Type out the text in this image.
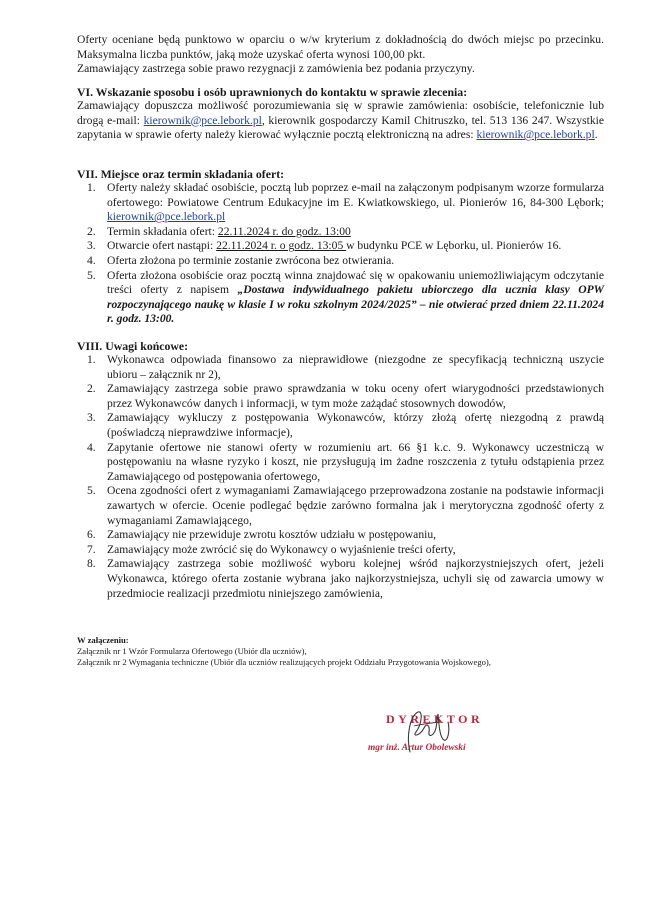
Oferty oceniane będą punktowo w oparciu o w/w kryterium z dokładnością do dwóch miejsc po przecinku. Maksymalna liczba punktów, jaką może uzyskać oferta wynosi 100,00 pkt.
Zamawiający zastrzega sobie prawo rezygnacji z zamówienia bez podania przyczyny.
VI. Wskazanie sposobu i osób uprawnionych do kontaktu w sprawie zlecenia:
Zamawiający dopuszcza możliwość porozumiewania się w sprawie zamówienia: osobiście, telefonicznie lub drogą e-mail: kierownik@pce.lebork.pl, kierownik gospodarczy Kamil Chitruszko, tel. 513 136 247. Wszystkie zapytania w sprawie oferty należy kierować wyłącznie pocztą elektroniczną na adres: kierownik@pce.lebork.pl.
VII. Miejsce oraz termin składania ofert:
1. Oferty należy składać osobiście, pocztą lub poprzez e-mail na załączonym podpisanym wzorze formularza ofertowego: Powiatowe Centrum Edukacyjne im E. Kwiatkowskiego, ul. Pionierów 16, 84-300 Lębork; kierownik@pce.lebork.pl
2. Termin składania ofert: 22.11.2024 r. do godz. 13:00
3. Otwarcie ofert nastąpi: 22.11.2024 r. o godz. 13:05 w budynku PCE w Lęborku, ul. Pionierów 16.
4. Oferta złożona po terminie zostanie zwrócona bez otwierania.
5. Oferta złożona osobiście oraz pocztą winna znajdować się w opakowaniu uniemożliwiającym odczytanie treści oferty z napisem „Dostawa indywidualnego pakietu ubiorczego dla ucznia klasy OPW rozpoczynającego naukę w klasie I w roku szkolnym 2024/2025” – nie otwierać przed dniem 22.11.2024 r. godz. 13:00.
VIII. Uwagi końcowe:
1. Wykonawca odpowiada finansowo za nieprawidłowe (niezgodne ze specyfikacją techniczną uszycie ubioru – załącznik nr 2),
2. Zamawiający zastrzega sobie prawo sprawdzania w toku oceny ofert wiarygodności przedstawionych przez Wykonawców danych i informacji, w tym może zażądać stosownych dowodów,
3. Zamawiający wykluczy z postępowania Wykonawców, którzy złożą ofertę niezgodną z prawdą (poświadczą nieprawdziwe informacje),
4. Zapytanie ofertowe nie stanowi oferty w rozumieniu art. 66 §1 k.c. 9. Wykonawcy uczestniczą w postępowaniu na własne ryzyko i koszt, nie przysługują im żadne roszczenia z tytułu odstąpienia przez Zamawiającego od postępowania ofertowego,
5. Ocena zgodności ofert z wymaganiami Zamawiającego przeprowadzona zostanie na podstawie informacji zawartych w ofercie. Ocenie podlegać będzie zarówno formalna jak i merytoryczna zgodność oferty z wymaganiami Zamawiającego,
6. Zamawiający nie przewiduje zwrotu kosztów udziału w postępowaniu,
7. Zamawiający może zwrócić się do Wykonawcy o wyjaśnienie treści oferty,
8. Zamawiający zastrzega sobie możliwość wyboru kolejnej wśród najkorzystniejszych ofert, jeżeli Wykonawca, którego oferta zostanie wybrana jako najkorzystniejsza, uchyli się od zawarcia umowy w przedmiocie realizacji przedmiotu niniejszego zamówienia,
W załączeniu:
Załącznik nr 1 Wzór Formularza Ofertowego (Ubiór dla uczniów),
Załącznik nr 2 Wymagania techniczne (Ubiór dla uczniów realizujących projekt Oddziału Przygotowania Wojskowego),
DYREKTOR
mgr inż. Artur Obolewski
